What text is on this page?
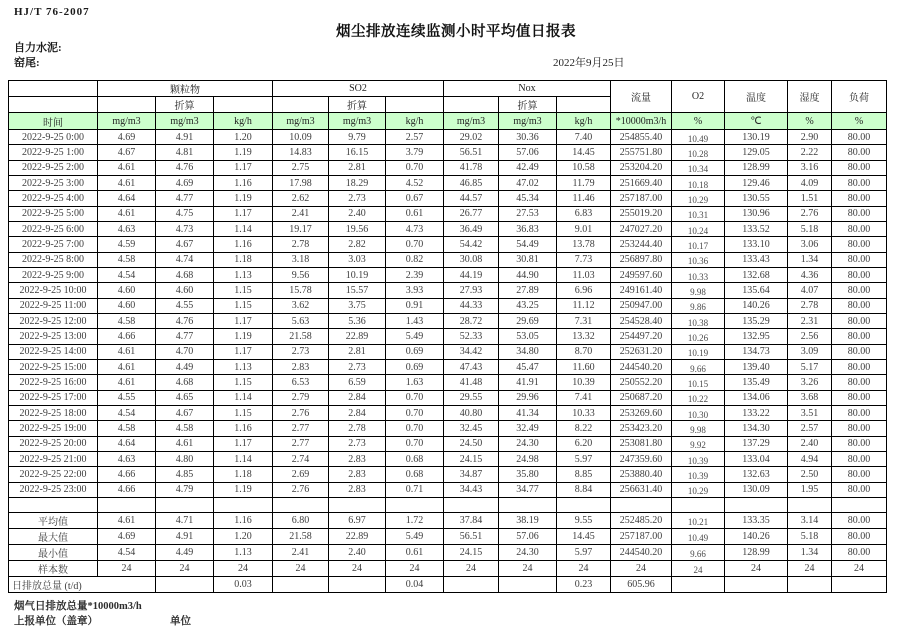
HJ/T 76-2007
烟尘排放连续监测小时平均值日报表
自力水泥:
窑尾:	2022年9月25日
	颗粒物			SO2			Nox			流量	O2	温度	湿度	负荷
		折算			折算			折算						
时间	mg/m3	mg/m3	kg/h	mg/m3	mg/m3	kg/h	mg/m3	mg/m3	kg/h	*10000m3/h	%	℃	%	%
2022-9-25 0:00	4.69	4.91	1.20	10.09	9.79	2.57	29.02	30.36	7.40	254855.40	10.49	130.19	2.90	80.00
2022-9-25 1:00	4.67	4.81	1.19	14.83	16.15	3.79	56.51	57.06	14.45	255751.80	10.28	129.05	2.22	80.00
2022-9-25 2:00	4.61	4.76	1.17	2.75	2.81	0.70	41.78	42.49	10.58	253204.20	10.34	128.99	3.16	80.00
2022-9-25 3:00	4.61	4.69	1.16	17.98	18.29	4.52	46.85	47.02	11.79	251669.40	10.18	129.46	4.09	80.00
2022-9-25 4:00	4.64	4.77	1.19	2.62	2.73	0.67	44.57	45.34	11.46	257187.00	10.29	130.55	1.51	80.00
2022-9-25 5:00	4.61	4.75	1.17	2.41	2.40	0.61	26.77	27.53	6.83	255019.20	10.31	130.96	2.76	80.00
2022-9-25 6:00	4.63	4.73	1.14	19.17	19.56	4.73	36.49	36.83	9.01	247027.20	10.24	133.52	5.18	80.00
2022-9-25 7:00	4.59	4.67	1.16	2.78	2.82	0.70	54.42	54.49	13.78	253244.40	10.17	133.10	3.06	80.00
2022-9-25 8:00	4.58	4.74	1.18	3.18	3.03	0.82	30.08	30.81	7.73	256897.80	10.36	133.43	1.34	80.00
2022-9-25 9:00	4.54	4.68	1.13	9.56	10.19	2.39	44.19	44.90	11.03	249597.60	10.33	132.68	4.36	80.00
2022-9-25 10:00	4.60	4.60	1.15	15.78	15.57	3.93	27.93	27.89	6.96	249161.40	9.98	135.64	4.07	80.00
2022-9-25 11:00	4.60	4.55	1.15	3.62	3.75	0.91	44.33	43.25	11.12	250947.00	9.86	140.26	2.78	80.00
2022-9-25 12:00	4.58	4.76	1.17	5.63	5.36	1.43	28.72	29.69	7.31	254528.40	10.38	135.29	2.31	80.00
2022-9-25 13:00	4.66	4.77	1.19	21.58	22.89	5.49	52.33	53.05	13.32	254497.20	10.26	132.95	2.56	80.00
2022-9-25 14:00	4.61	4.70	1.17	2.73	2.81	0.69	34.42	34.80	8.70	252631.20	10.19	134.73	3.09	80.00
2022-9-25 15:00	4.61	4.49	1.13	2.83	2.73	0.69	47.43	45.47	11.60	244540.20	9.66	139.40	5.17	80.00
2022-9-25 16:00	4.61	4.68	1.15	6.53	6.59	1.63	41.48	41.91	10.39	250552.20	10.15	135.49	3.26	80.00
2022-9-25 17:00	4.55	4.65	1.14	2.79	2.84	0.70	29.55	29.96	7.41	250687.20	10.22	134.06	3.68	80.00
2022-9-25 18:00	4.54	4.67	1.15	2.76	2.84	0.70	40.80	41.34	10.33	253269.60	10.30	133.22	3.51	80.00
2022-9-25 19:00	4.58	4.58	1.16	2.77	2.78	0.70	32.45	32.49	8.22	253423.20	9.98	134.30	2.57	80.00
2022-9-25 20:00	4.64	4.61	1.17	2.77	2.73	0.70	24.50	24.30	6.20	253081.80	9.92	137.29	2.40	80.00
2022-9-25 21:00	4.63	4.80	1.14	2.74	2.83	0.68	24.15	24.98	5.97	247359.60	10.39	133.04	4.94	80.00
2022-9-25 22:00	4.66	4.85	1.18	2.69	2.83	0.68	34.87	35.80	8.85	253880.40	10.39	132.63	2.50	80.00
2022-9-25 23:00	4.66	4.79	1.19	2.76	2.83	0.71	34.43	34.77	8.84	256631.40	10.29	130.09	1.95	80.00

平均值	4.61	4.71	1.16	6.80	6.97	1.72	37.84	38.19	9.55	252485.20	10.21	133.35	3.14	80.00
最大值	4.69	4.91	1.20	21.58	22.89	5.49	56.51	57.06	14.45	257187.00	10.49	140.26	5.18	80.00
最小值	4.54	4.49	1.13	2.41	2.40	0.61	24.15	24.30	5.97	244540.20	9.66	128.99	1.34	80.00
样本数	24	24	24	24	24	24	24	24	24	24	24	24	24	24
日排放总量 (t/d)			0.03			0.04			0.23	605.96				
烟气日排放总量*10000m3/h
上报单位（盖章）	单位
